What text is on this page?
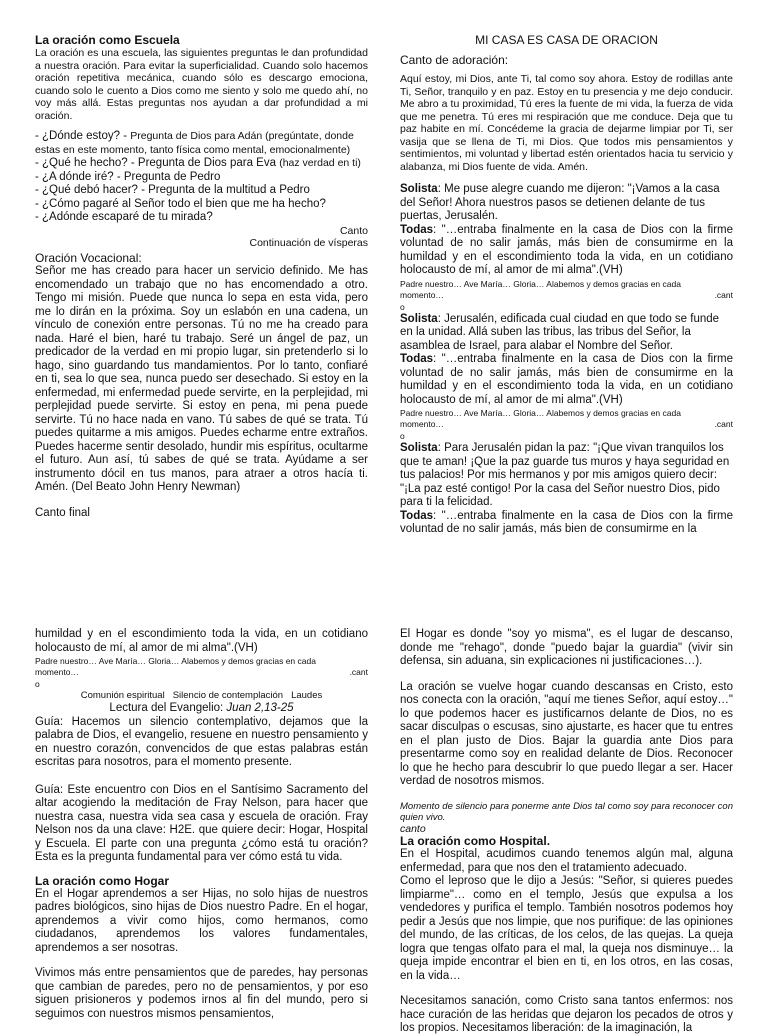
La oración como Escuela

La oración es una escuela, las siguientes preguntas le dan profundidad a nuestra oración. Para evitar la superficialidad. Cuando solo hacemos oración repetitiva mecánica, cuando sólo es descargo emociona, cuando solo le cuento a Dios como me siento y solo me quedo ahí, no voy más allá. Estas preguntas nos ayudan a dar profundidad a mi oración.

- ¿Dónde estoy? - Pregunta de Dios para Adán (pregúntate, donde estas en este momento, tanto física como mental, emocionalmente)

- ¿Qué he hecho? - Pregunta de Dios para Eva (haz verdad en ti)

- ¿A dónde iré? - Pregunta de Pedro

- ¿Qué debó hacer? - Pregunta de la multitud a Pedro

- ¿Cómo pagaré al Señor todo el bien que me ha hecho?

- ¿Adónde escaparé de tu mirada?

Canto

Continuación de vísperas

Oración Vocacional:

Señor me has creado para hacer un servicio definido. Me has encomendado un trabajo que no has encomendado a otro. Tengo mi misión. Puede que nunca lo sepa en esta vida, pero me lo dirán en la próxima. Soy un eslabón en una cadena, un vínculo de conexión entre personas. Tú no me ha creado para nada. Haré el bien, haré tu trabajo. Seré un ángel de paz, un predicador de la verdad en mi propio lugar, sin pretenderlo si lo hago, sino guardando tus mandamientos. Por lo tanto, confiaré en ti, sea lo que sea, nunca puedo ser desechado. Si estoy en la enfermedad, mi enfermedad puede servirte, en la perplejidad, mi perplejidad puede servirte. Si estoy en pena, mi pena puede servirte. Tú no hace nada en vano. Tú sabes de qué se trata. Tú puedes quitarme a mis amigos. Puedes echarme entre extraños. Puedes hacerme sentir desolado, hundir mis espíritus, ocultarme el futuro. Aun así, tú sabes de qué se trata. Ayúdame a ser instrumento dócil en tus manos, para atraer a otros hacía ti. Amén. (Del Beato John Henry Newman)

Canto final

MI CASA ES CASA DE ORACION

Canto de adoración:

Aquí estoy, mi Dios, ante Ti, tal como soy ahora. Estoy de rodillas ante Ti, Señor, tranquilo y en paz. Estoy en tu presencia y me dejo conducir. Me abro a tu proximidad, Tú eres la fuente de mi vida, la fuerza de vida que me penetra. Tú eres mi respiración que me conduce. Deja que tu paz habite en mí. Concédeme la gracia de dejarme limpiar por Ti, ser vasija que se llena de Ti, mi Dios. Que todos mis pensamientos y sentimientos, mi voluntad y libertad estén orientados hacia tu servicio y alabanza, mi Dios fuente de vida. Amén.

Solista: Me puse alegre cuando me dijeron: "¡Vamos a la casa del Señor! Ahora nuestros pasos se detienen delante de tus puertas, Jerusalén.

Todas: "…entraba finalmente en la casa de Dios con la firme voluntad de no salir jamás, más bien de consumirme en la humildad y en el escondimiento toda la vida, en un cotidiano holocausto de mí, al amor de mi alma".(VH)

Padre nuestro… Ave María… Gloria… Alabemos y demos gracias en cada

momento…	.cant

o

Solista: Jerusalén, edificada cual ciudad en que todo se funde en la unidad. Allá suben las tribus, las tribus del Señor, la asamblea de Israel, para alabar el Nombre del Señor.

Todas: "…entraba finalmente en la casa de Dios con la firme voluntad de no salir jamás, más bien de consumirme en la humildad y en el escondimiento toda la vida, en un cotidiano holocausto de mí, al amor de mi alma".(VH)

Padre nuestro… Ave María… Gloria… Alabemos y demos gracias en cada

momento…	.cant

o

Solista: Para Jerusalén pidan la paz: "¡Que vivan tranquilos los que te aman! ¡Que la paz guarde tus muros y haya seguridad en tus palacios! Por mis hermanos y por mis amigos quiero decir: "¡La paz esté contigo! Por la casa del Señor nuestro Dios, pido para ti la felicidad.

Todas: "…entraba finalmente en la casa de Dios con la firme voluntad de no salir jamás, más bien de consumirme en la

humildad y en el escondimiento toda la vida, en un cotidiano holocausto de mí, al amor de mi alma".(VH)

Padre nuestro… Ave María… Gloria… Alabemos y demos gracias en cada

momento…	.cant

o

Comunión espiritual Silencio de contemplación Laudes

Lectura del Evangelio: Juan 2,13-25

Guía: Hacemos un silencio contemplativo, dejamos que la palabra de Dios, el evangelio, resuene en nuestro pensamiento y en nuestro corazón, convencidos de que estas palabras están escritas para nosotros, para el momento presente.

Guía: Este encuentro con Dios en el Santísimo Sacramento del altar acogiendo la meditación de Fray Nelson, para hacer que nuestra casa, nuestra vida sea casa y escuela de oración. Fray Nelson nos da una clave: H2E. que quiere decir: Hogar, Hospital y Escuela. El parte con una pregunta ¿cómo está tu oración? Esta es la pregunta fundamental para ver cómo está tu vida.

La oración como Hogar

En el Hogar aprendemos a ser Hijas, no solo hijas de nuestros padres biológicos, sino hijas de Dios nuestro Padre. En el hogar, aprendemos a vivir como hijos, como hermanos, como ciudadanos, aprendemos los valores fundamentales, aprendemos a ser nosotras.

Vivimos más entre pensamientos que de paredes, hay personas que cambian de paredes, pero no de pensamientos, y por eso siguen prisioneros y podemos irnos al fin del mundo, pero si seguimos con nuestros mismos pensamientos,

El Hogar es donde "soy yo misma", es el lugar de descanso, donde me "rehago", donde "puedo bajar la guardia" (vivir sin defensa, sin aduana, sin explicaciones ni justificaciones…).

La oración se vuelve hogar cuando descansas en Cristo, esto nos conecta con la oración, "aquí me tienes Señor, aquí estoy…" lo que podemos hacer es justificarnos delante de Dios, no es sacar disculpas o escusas, sino ajustarte, es hacer que tu entres en el plan justo de Dios. Bajar la guardia ante Dios para presentarme como soy en realidad delante de Dios. Reconocer lo que he hecho para descubrir lo que puedo llegar a ser. Hacer verdad de nosotros mismos.

Momento de silencio para ponerme ante Dios tal como soy para reconocer con quien vivo.

canto

La oración como Hospital.

En el Hospital, acudimos cuando tenemos algún mal, alguna enfermedad, para que nos den el tratamiento adecuado.

Como el leproso que le dijo a Jesús: "Señor, si quieres puedes limpiarme"… como en el templo, Jesús que expulsa a los vendedores y purifica el templo. También nosotros podemos hoy pedir a Jesús que nos limpie, que nos purifique: de las opiniones del mundo, de las críticas, de los celos, de las quejas. La queja logra que tengas olfato para el mal, la queja nos disminuye… la queja impide encontrar el bien en ti, en los otros, en las cosas, en la vida…

Necesitamos sanación, como Cristo sana tantos enfermos: nos hace curación de las heridas que dejaron los pecados de otros y los propios. Necesitamos liberación: de la imaginación, la
